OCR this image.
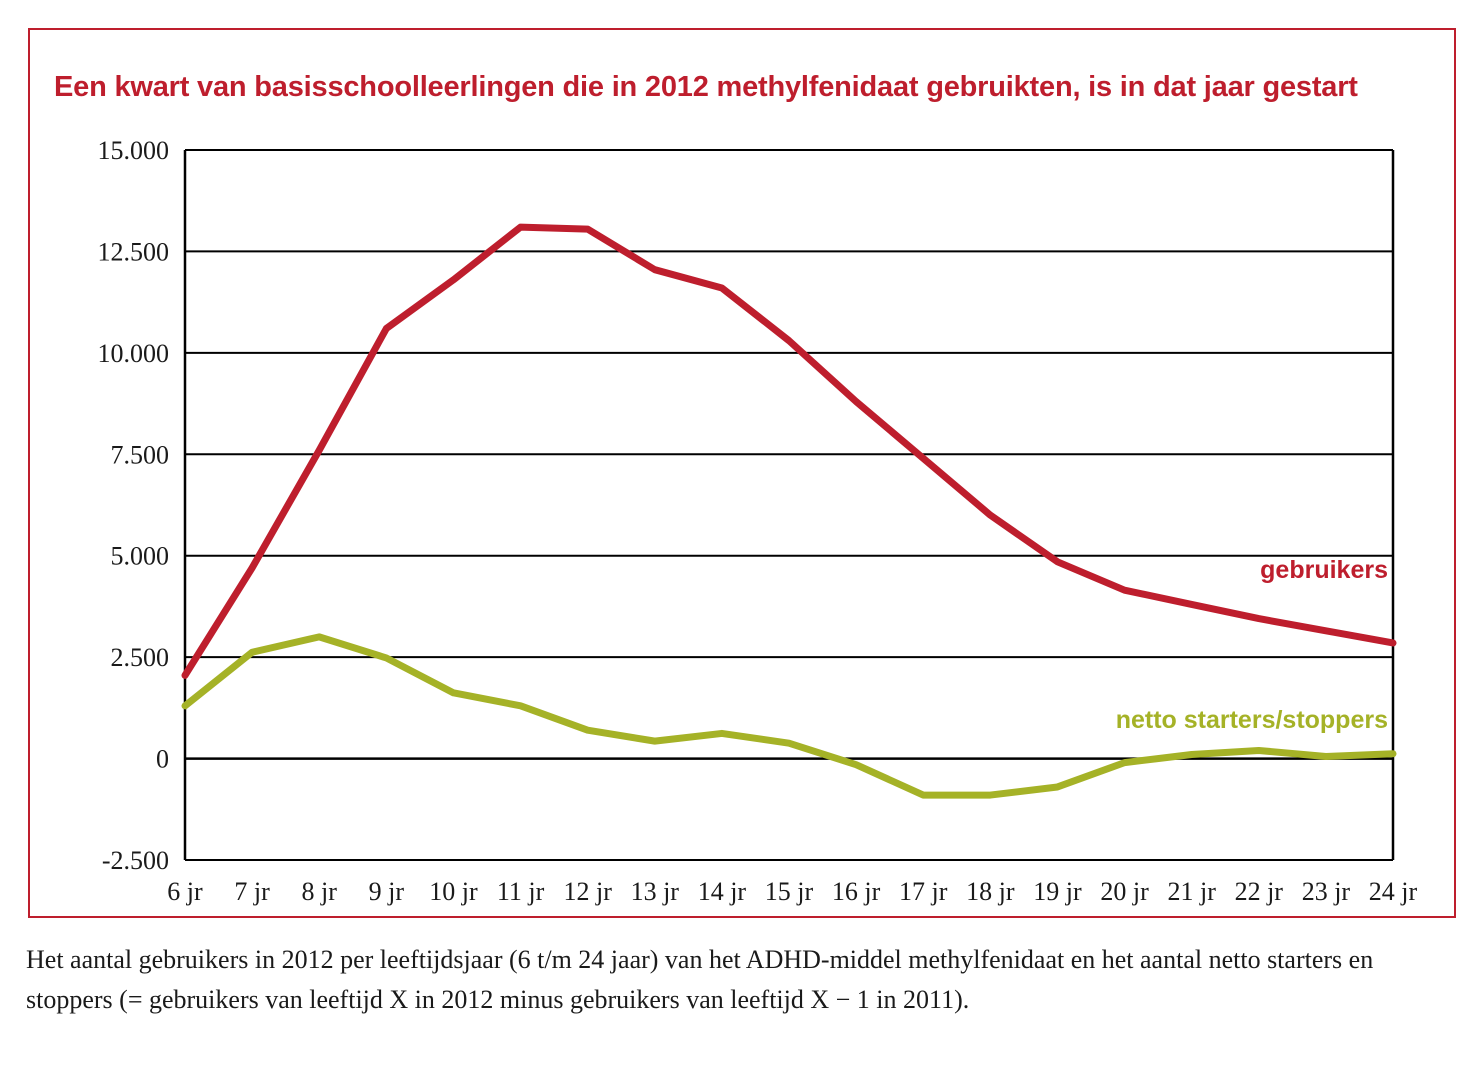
Een kwart van basisschoolleerlingen die in 2012 methylfenidaat gebruikten, is in dat jaar gestart
-2.500
0
2.500
5.000
7.500
10.000
12.500
15.000
6 jr 7 jr 8 jr 9 jr 10 jr 11 jr 12 jr 13 jr 14 jr 15 jr 16 jr 17 jr 18 jr 19 jr 20 jr 21 jr 22 jr 23 jr 24 jr
gebruikers
netto starters/stoppers
Het aantal gebruikers in 2012 per leeftijdsjaar (6 t/m 24 jaar) van het ADHD-middel methylfenidaat en het aantal netto starters en stoppers (= gebruikers van leeftijd X in 2012 minus gebruikers van leeftijd X − 1 in 2011).
